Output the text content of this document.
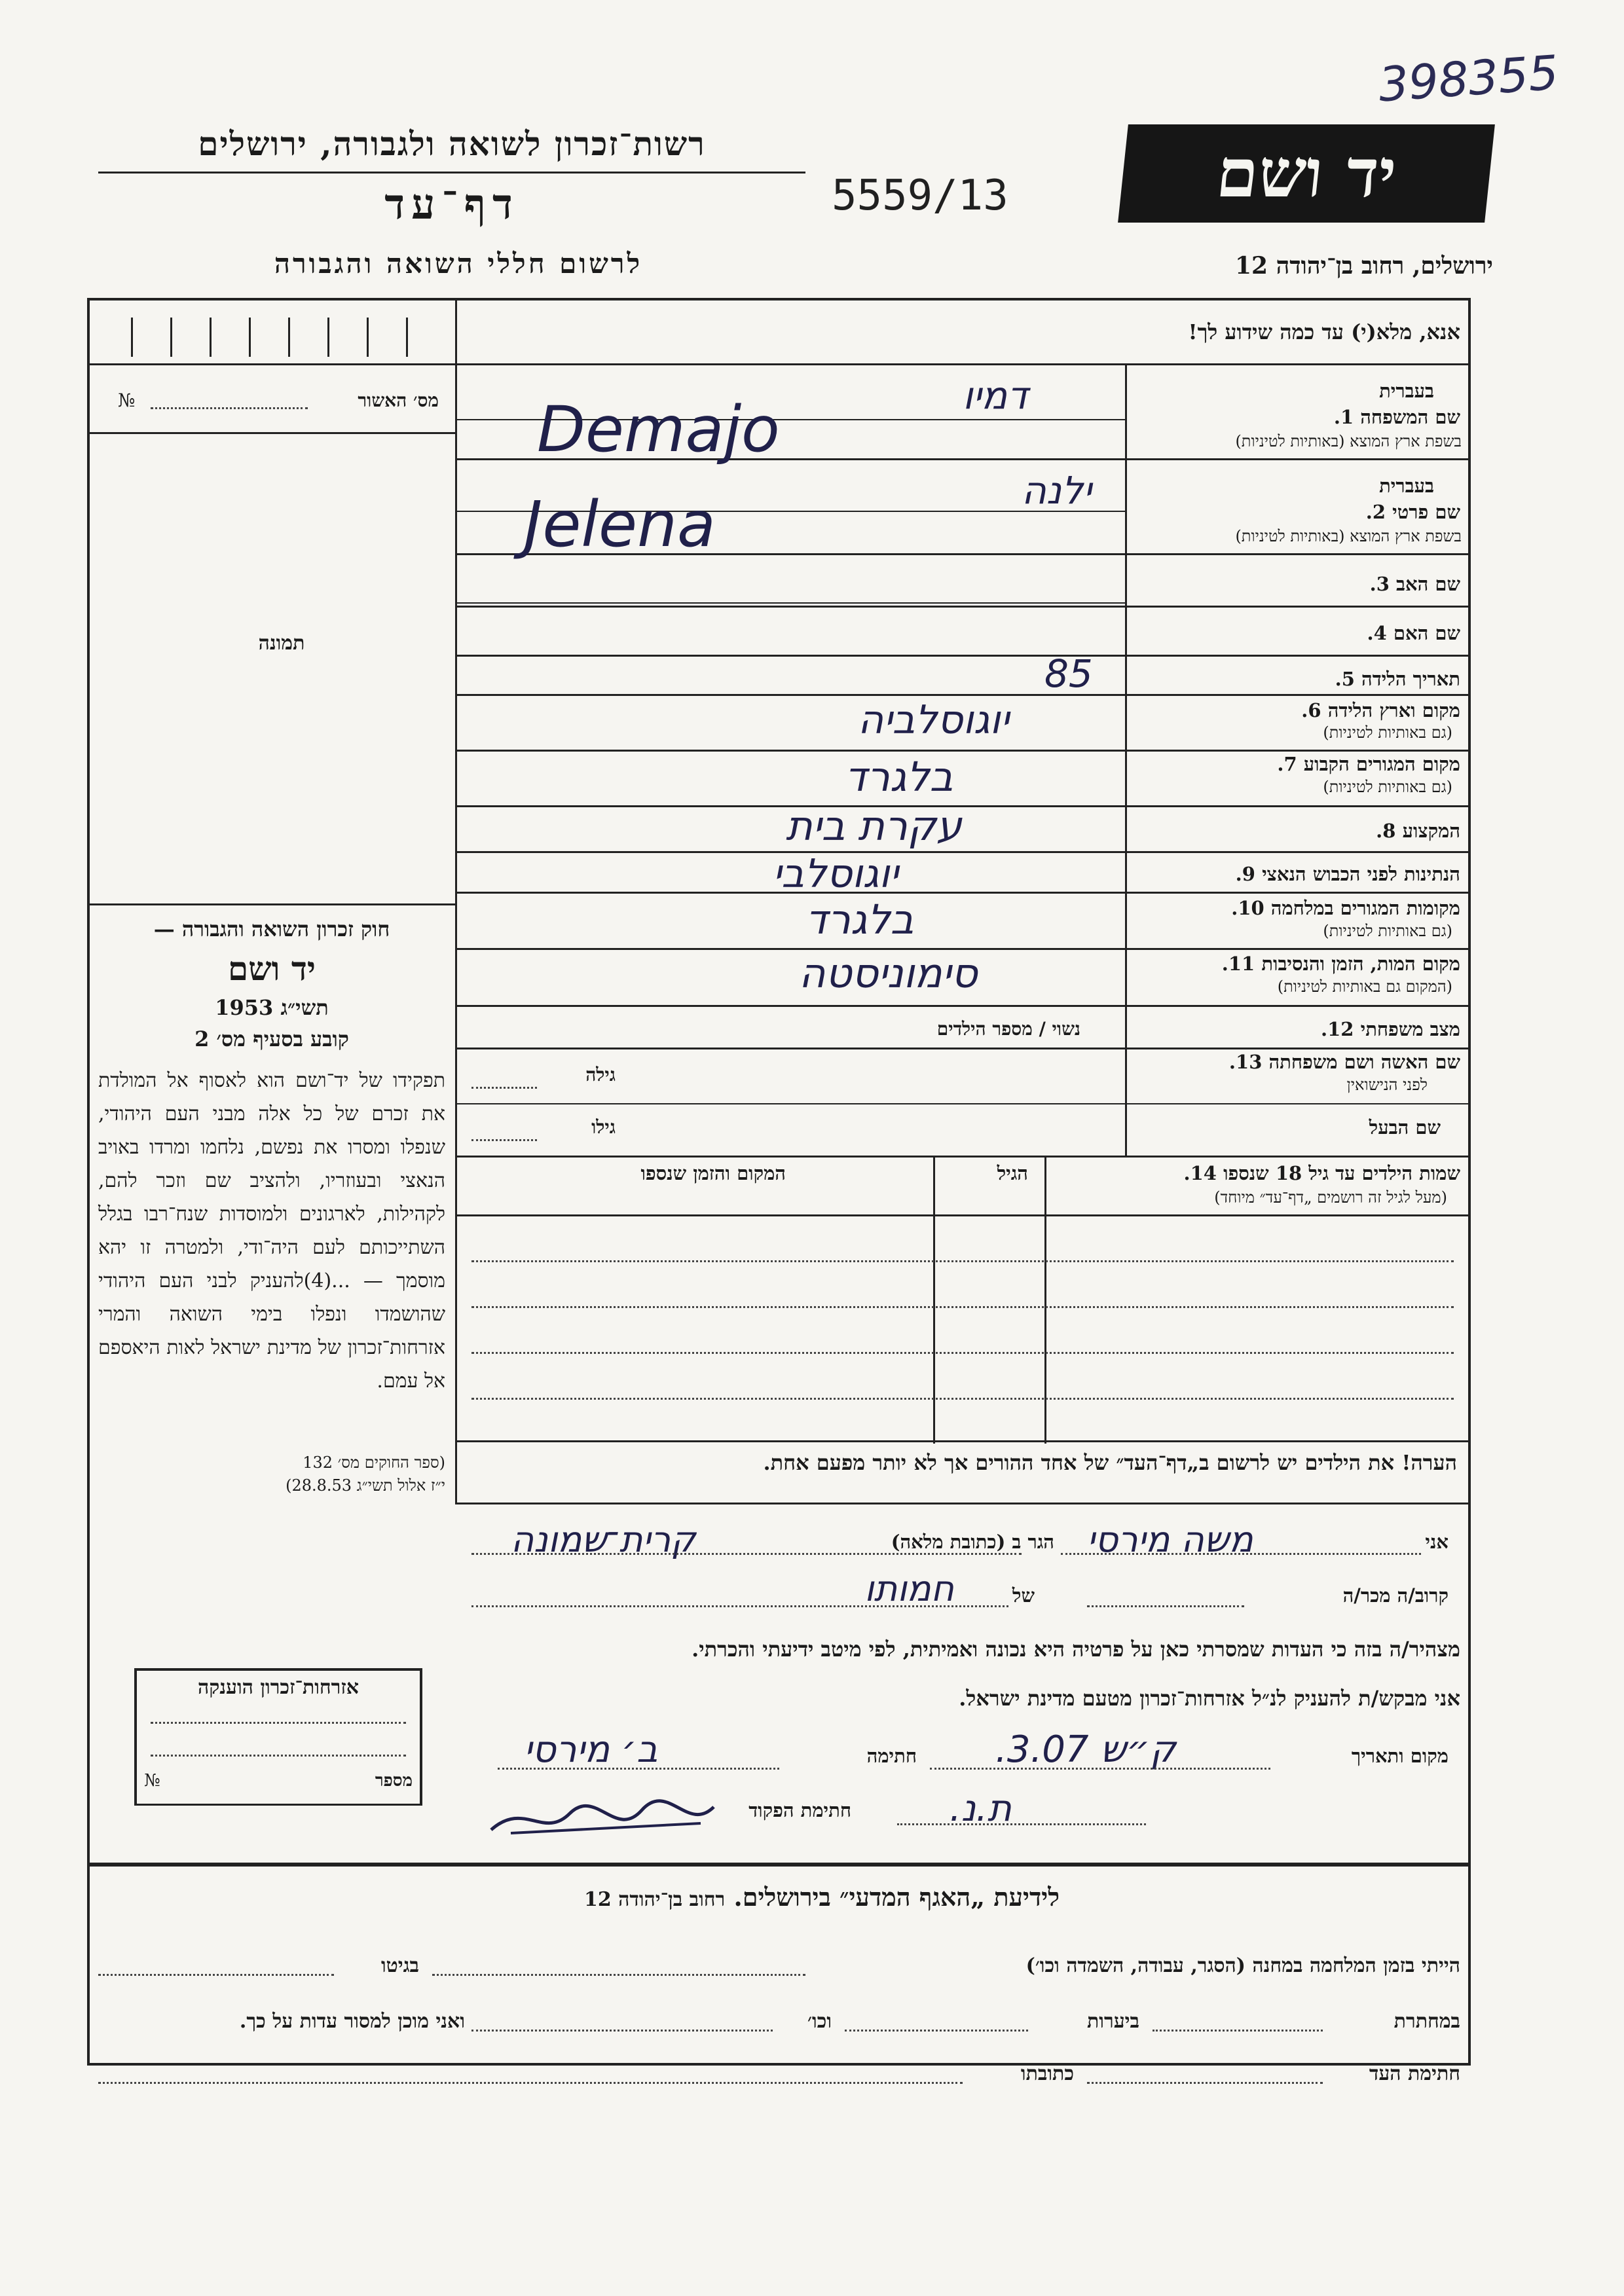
398355
רשות־זכרון לשואה ולגבורה, ירושלים
דף־עד
לרשום חללי השואה והגבורה
5559/13	יד ושם
ירושלים, רחוב בן־יהודה 12
מס׳ האשור
№
תמונה
אנא, מלא(י) עד כמה שידוע לך!
בעברית
שם המשפחה 1.
בשפת ארץ המוצא (באותיות לטיניות)
דמיו
Demajo
בעברית
שם פרטי 2.
בשפת ארץ המוצא (באותיות לטיניות)
ילנה
Jelena
שם האב 3.
שם האם 4.
תאריך הלידה 5.
85
מקום וארץ הלידה 6.
(גם באותיות לטיניות)
יוגוסלביה
מקום המגורים הקבוע 7.
(גם באותיות לטיניות)
בלגרד
המקצוע 8.
עקרת בית
הנתינות לפני הכבוש הנאצי 9.
יוגוסלבי
מקומות המגורים במלחמה 10.
(גם באותיות לטיניות)
בלגרד
מקום המות, הזמן והנסיבות 11.
(המקום גם באותיות לטיניות)
סימוניסטה
מצב משפחתי 12.
נשוי / מספר הילדים
שם האשה ושם משפחתה 13.
לפני הנישואין
גילה
שם הבעל
גילו
שמות הילדים עד גיל 18 שנספו 14.
(מעל לגיל זה רושמים „דף־עד״ מיוחד)
הגיל
המקום והזמן שנספו
הערה! את הילדים יש לרשום ב„דף־העד״ של אחד ההורים אך לא יותר מפעם אחת.
חוק זכרון השואה והגבורה —
יד ושם
תשי״ג 1953
קובע בסעיף מס׳ 2
תפקידו של יד־ושם הוא לאסוף אל המולדת את זכרם של כל אלה מבני העם היהודי, שנפלו ומסרו את נפשם, נלחמו ומרדו באויב הנאצי ובעוזריו, ולהציב שם וזכר להם, לקהילות, לארגונים ולמוסדות שנח־רבו בגלל השתייכותם לעם היה־ודי, ולמטרה זו יהא מוסמך — ...(4)להעניק לבני העם היהודי שהושמדו ונפלו בימי השואה והמרי אזרחות־זכרון של מדינת ישראל לאות היאספם אל עמם.
(ספר החוקים מס׳ 132
י״ז אלול תשי״ג 28.8.53)
אזרחות־זכרון הוענקה
מספר
№
אני
משה מירסי
הגר ב (כתובת מלאה)
קרית־שמונה
קרוב/ה מכר/ה
של
חמותו
מצהיר/ה בזה כי העדות שמסרתי כאן על פרטיה היא נכונה ואמיתית, לפי מיטב ידיעתי והכרתי.
אני מבקש/ת להעניק לנ״ל אזרחות־זכרון מטעם מדינת ישראל.
מקום ותאריך
ק״ש 3.07.
חתימה
ב׳ מירסי
חתימת הפקוד	ת.נ.
לידיעת „האגף המדעי״ בירושלים. רחוב בן־יהודה 12
הייתי בזמן המלחמה במחנה (הסגר, עבודה, השמדה וכו׳)
בגיטו
במחתרת
ביערות
וכו׳
ואני מוכן למסור עדות על כך.
חתימת העד
כתובתו
